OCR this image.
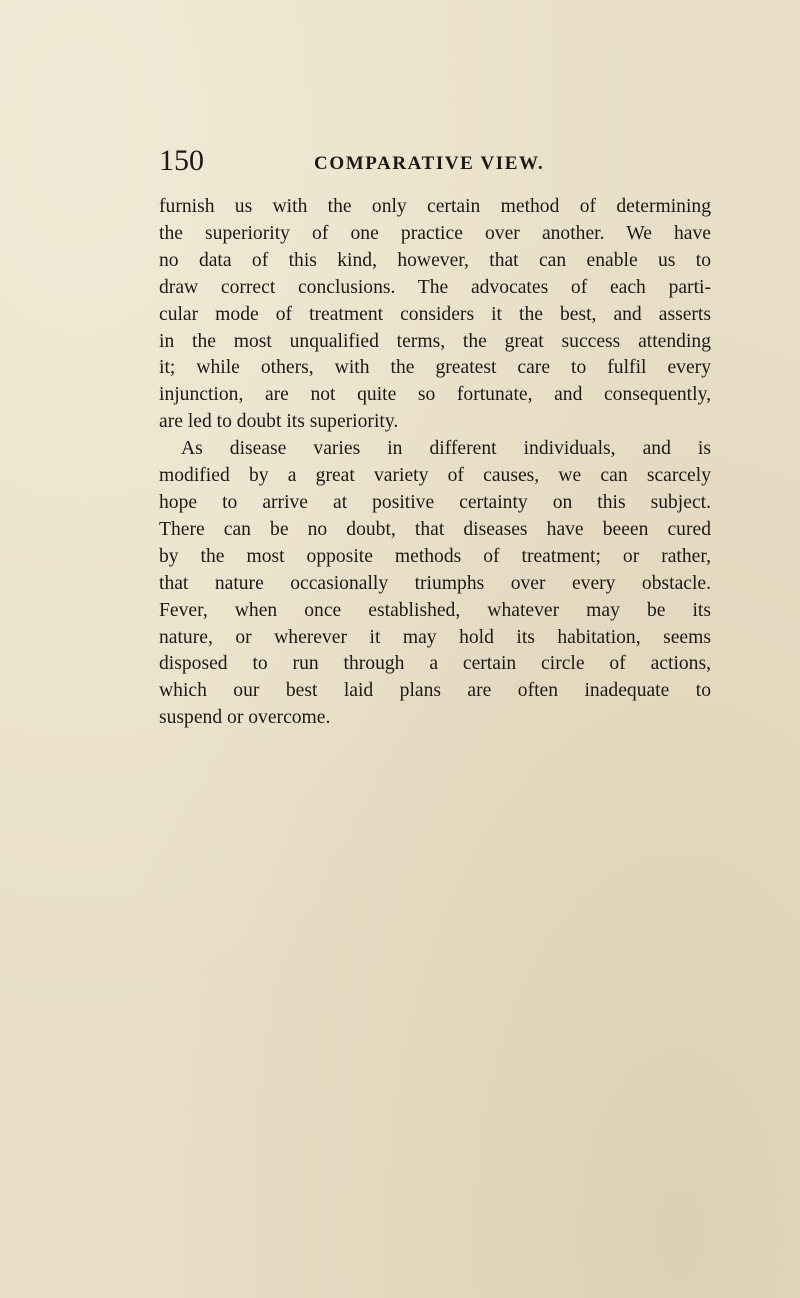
150	COMPARATIVE VIEW.
furnish us with the only certain method of determining
the superiority of one practice over another. We have
no data of this kind, however, that can enable us to
draw correct conclusions. The advocates of each parti-
cular mode of treatment considers it the best, and asserts
in the most unqualified terms, the great success attending
it; while others, with the greatest care to fulfil every
injunction, are not quite so fortunate, and consequently,
are led to doubt its superiority.
As disease varies in different individuals, and is
modified by a great variety of causes, we can scarcely
hope to arrive at positive certainty on this subject.
There can be no doubt, that diseases have beeen cured
by the most opposite methods of treatment; or rather,
that nature occasionally triumphs over every obstacle.
Fever, when once established, whatever may be its
nature, or wherever it may hold its habitation, seems
disposed to run through a certain circle of actions,
which our best laid plans are often inadequate to
suspend or overcome.
